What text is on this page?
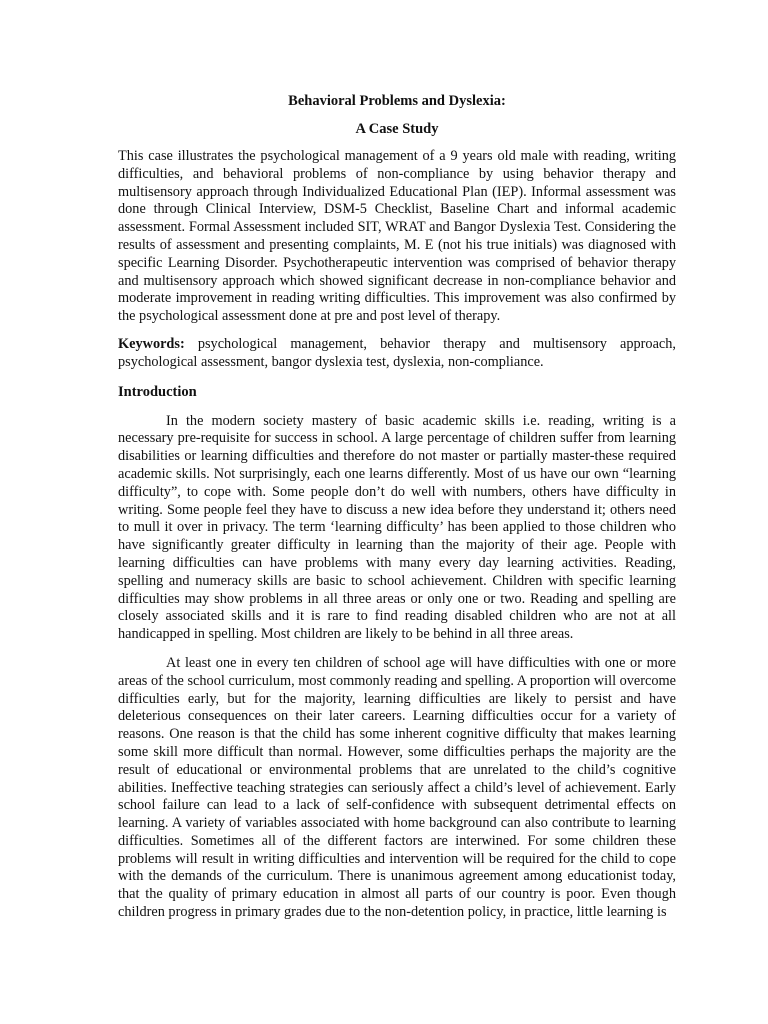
Behavioral Problems and Dyslexia:
A Case Study

This case illustrates the psychological management of a 9 years old male with reading, writing difficulties, and behavioral problems of non-compliance by using behavior therapy and multisensory approach through Individualized Educational Plan (IEP). Informal assessment was done through Clinical Interview, DSM-5 Checklist, Baseline Chart and informal academic assessment. Formal Assessment included SIT, WRAT and Bangor Dyslexia Test. Considering the results of assessment and presenting complaints, M. E (not his true initials) was diagnosed with specific Learning Disorder. Psychotherapeutic intervention was comprised of behavior therapy and multisensory approach which showed significant decrease in non-compliance behavior and moderate improvement in reading writing difficulties. This improvement was also confirmed by the psychological assessment done at pre and post level of therapy.

Keywords: psychological management, behavior therapy and multisensory approach, psychological assessment, bangor dyslexia test, dyslexia, non-compliance.

Introduction

In the modern society mastery of basic academic skills i.e. reading, writing is a necessary pre-requisite for success in school. A large percentage of children suffer from learning disabilities or learning difficulties and therefore do not master or partially master-these required academic skills. Not surprisingly, each one learns differently. Most of us have our own “learning difficulty”, to cope with. Some people don’t do well with numbers, others have difficulty in writing. Some people feel they have to discuss a new idea before they understand it; others need to mull it over in privacy. The term ‘learning difficulty’ has been applied to those children who have significantly greater difficulty in learning than the majority of their age. People with learning difficulties can have problems with many every day learning activities. Reading, spelling and numeracy skills are basic to school achievement. Children with specific learning difficulties may show problems in all three areas or only one or two. Reading and spelling are closely associated skills and it is rare to find reading disabled children who are not at all handicapped in spelling. Most children are likely to be behind in all three areas.

At least one in every ten children of school age will have difficulties with one or more areas of the school curriculum, most commonly reading and spelling. A proportion will overcome difficulties early, but for the majority, learning difficulties are likely to persist and have deleterious consequences on their later careers. Learning difficulties occur for a variety of reasons. One reason is that the child has some inherent cognitive difficulty that makes learning some skill more difficult than normal. However, some difficulties perhaps the majority are the result of educational or environmental problems that are unrelated to the child’s cognitive abilities. Ineffective teaching strategies can seriously affect a child’s level of achievement. Early school failure can lead to a lack of self-confidence with subsequent detrimental effects on learning. A variety of variables associated with home background can also contribute to learning difficulties. Sometimes all of the different factors are interwined. For some children these problems will result in writing difficulties and intervention will be required for the child to cope with the demands of the curriculum. There is unanimous agreement among educationist today, that the quality of primary education in almost all parts of our country is poor. Even though children progress in primary grades due to the non-detention policy, in practice, little learning is
